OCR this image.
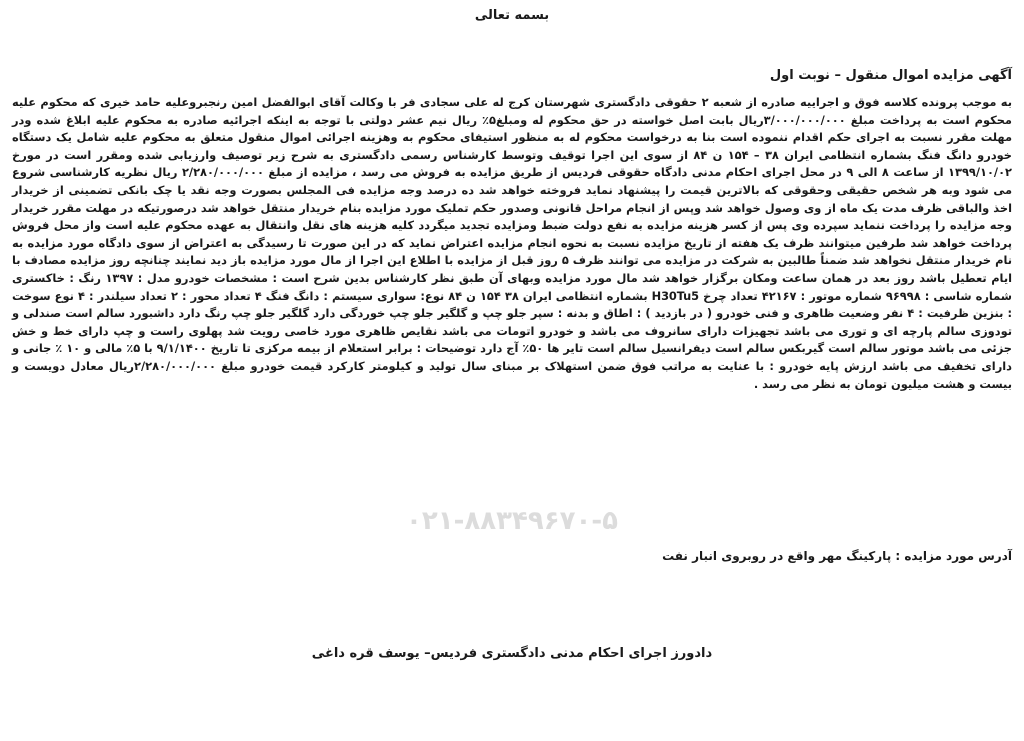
بسمه تعالی
آگهی مزایده اموال منقول – نوبت اول

به موجب پرونده کلاسه فوق و اجراییه صادره از شعبه ۲ حقوقی دادگستری شهرستان کرج له علی سجادی فر با وکالت آقای ابوالفضل امین رنجبروعلیه حامد خیری که محکوم علیه محکوم است به پرداخت مبلغ ۳/۰۰۰/۰۰۰/۰۰۰ریال بابت اصل خواسته در حق محکوم له ومبلغ۵٪ ریال نیم عشر دولتی با توجه به اینکه اجرائیه صادره به محکوم علیه ابلاغ شده ودر مهلت مقرر نسبت به اجرای حکم اقدام ننموده است بنا به درخواست محکوم له به منظور استیفای محکوم به وهزینه اجرائی اموال منقول متعلق به محکوم علیه شامل یک دستگاه خودرو دانگ فنگ بشماره انتظامی ایران ۳۸ – ۱۵۴ ن ۸۴ از سوی این اجرا توقیف وتوسط کارشناس رسمی دادگستری به شرح زیر توصیف وارزیابی شده ومقرر است در مورخ ۱۳۹۹/۱۰/۰۲ از ساعت ۸ الی ۹ در محل اجرای احکام مدنی دادگاه حقوقی فردیس از طریق مزایده به فروش می رسد ، مزایده از مبلغ ۲/۲۸۰/۰۰۰/۰۰۰ ریال نظریه کارشناسی شروع می شود وبه هر شخص حقیقی وحقوقی که بالاترین قیمت را پیشنهاد نماید فروخته خواهد شد ده درصد وجه مزایده فی المجلس بصورت وجه نقد یا چک بانکی تضمینی از خریدار اخذ والباقی ظرف مدت یک ماه از وی وصول خواهد شد وپس از انجام مراحل قانونی وصدور حکم تملیک مورد مزایده بنام خریدار منتقل خواهد شد درصورتیکه در مهلت مقرر خریدار وجه مزایده را پرداخت ننماید سپرده وی پس از کسر هزینه مزایده به نفع دولت ضبط ومزایده تجدید میگردد کلیه هزینه های نقل وانتقال به عهده محکوم علیه است واز محل فروش پرداخت خواهد شد طرفین میتوانند ظرف یک هفته از تاریخ مزایده نسبت به نحوه انجام مزایده اعتراض نماید که در این صورت تا رسیدگی به اعتراض از سوی دادگاه مورد مزایده به نام خریدار منتقل نخواهد شد ضمناً طالبین به شرکت در مزایده می توانند ظرف ۵ روز قبل از مزایده با اطلاع این اجرا از مال مورد مزایده باز دید نمایند چنانچه روز مزایده مصادف با ایام تعطیل باشد روز بعد در همان ساعت ومکان برگزار خواهد شد مال مورد مزایده وبهای آن طبق نظر کارشناس بدین شرح است : مشخصات خودرو مدل : ۱۳۹۷ رنگ : خاکستری شماره شاسی : ۹۶۹۹۸ شماره موتور : ۴۲۱۶۷ تعداد چرخ H30Tu5 بشماره انتظامی ایران ۳۸ ۱۵۴ ن ۸۴ نوع: سواری سیستم : دانگ فنگ ۴ تعداد محور : ۲ تعداد سیلندر : ۴ نوع سوخت : بنزین ظرفیت : ۴ نفر وضعیت ظاهری و فنی خودرو ( در بازدید ) : اطاق و بدنه : سپر جلو چپ و گلگیر جلو چپ خوردگی دارد گلگیر جلو چپ رنگ دارد داشبورد سالم است صندلی و تودوزی سالم پارچه ای و توری می باشد تجهیزات دارای سانروف می باشد و خودرو اتومات می باشد نقایص ظاهری مورد خاصی رویت شد پهلوی راست و چپ دارای خط و خش جزئی می باشد موتور سالم است گیربکس سالم است دیفرانسیل سالم است تایر ها ۵۰٪ آج دارد توضیحات : برابر استعلام از بیمه مرکزی تا تاریخ ۹/۱/۱۴۰۰ با ۵٪ مالی و ۱۰ ٪ جانی و دارای تخفیف می باشد ارزش پایه خودرو : با عنایت به مراتب فوق ضمن استهلاک بر مبنای سال تولید و کیلومتر کارکرد قیمت خودرو مبلغ ۲/۲۸۰/۰۰۰/۰۰۰ریال معادل دویست و بیست و هشت میلیون تومان به نظر می رسد .

۰۲۱-۸۸۳۴۹۶۷۰-۵
آدرس مورد مزایده : پارکینگ مهر واقع در روبروی انبار نفت
دادورز اجرای احکام مدنی دادگستری فردیس– یوسف قره داغی
